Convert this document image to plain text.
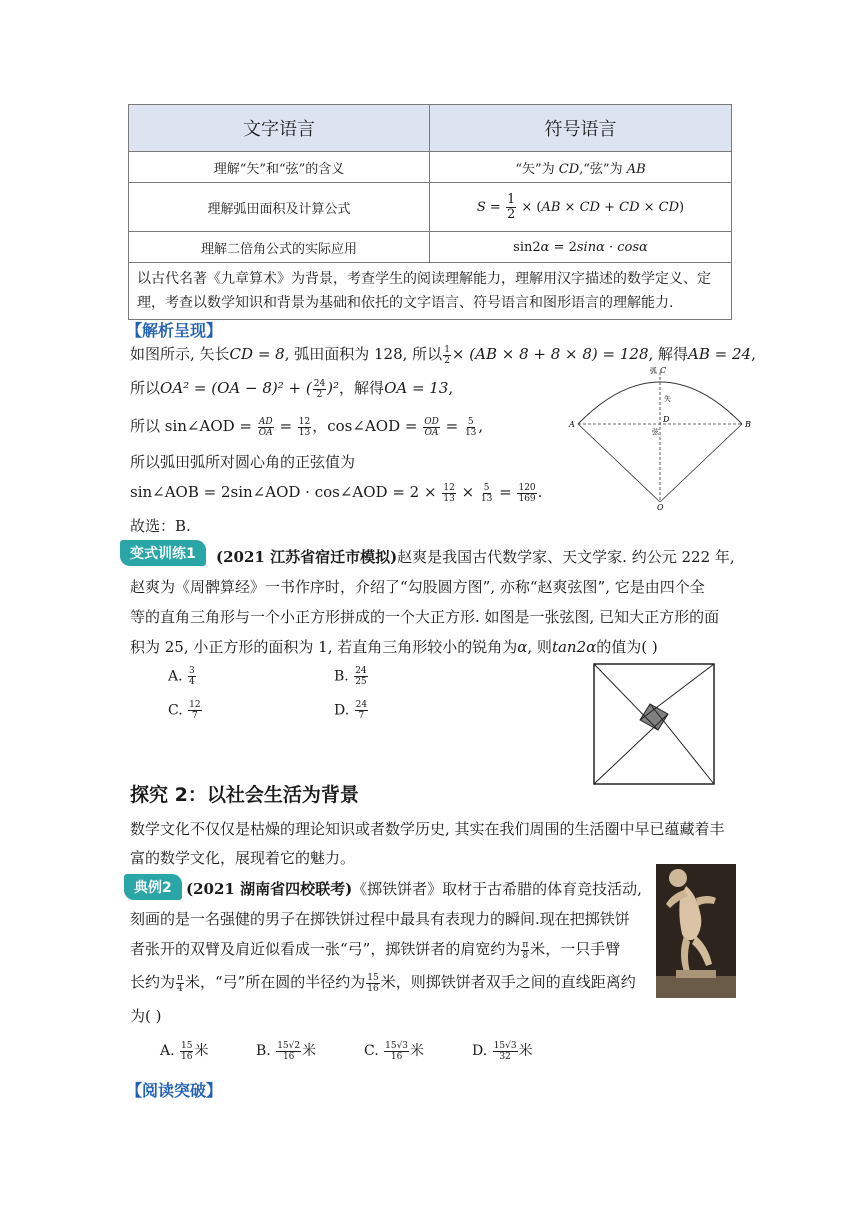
文字语言	符号语言
理解“矢”和“弦”的含义	“矢”为 CD,“弦”为 AB
理解弧田面积及计算公式	$S = \frac{1}{2} \times (AB$ × CD + CD × CD)
理解二倍角公式的实际应用	sin2α = 2sinα · cosα
以古代名著《九章算术》为背景，考查学生的阅读理解能力，理解用汉字描述的数学定义、定理，考查以数学知识和背景为基础和依托的文字语言、符号语言和图形语言的理解能力.	
【解析呈现】
如图所示, 矢长CD = 8, 弧田面积为 128, 所以 $\frac{1}{2} \times (AB \times 8 + 8 \times 8) = 128$, 解得AB = 24,
所以OA² = (OA − 8)² + ( $\frac{24}{2} )^2$，解得OA = 13,
所以 sin∠AOD = $\frac{AD}{OA} = \frac{12}{13}$ ，cos∠AOD = $\frac{OD}{OA} = \frac{5}{13}$ ,
所以弧田弧所对圆心角的正弦值为
sin∠AOB = 2sin∠AOD · cos∠AOD = $2 \times \frac{12}{13} \times \frac{5}{13} = \frac{120}{169}$ .
故选：B.
弧 C
矢
D
弦
A	B
O
变式训练1	(2021 江苏省宿迁市模拟)赵爽是我国古代数学家、天文学家. 约公元 222 年,
赵爽为《周髀算经》一书作序时，介绍了“勾股圆方图”, 亦称“赵爽弦图”, 它是由四个全
等的直角三角形与一个小正方形拼成的一个大正方形. 如图是一张弦图, 已知大正方形的面
积为 25, 小正方形的面积为 1, 若直角三角形较小的锐角为α, 则tan2α的值为( )
A. $\frac{3}{4}$	B. $\frac{24}{25}$
C. $\frac{12}{7}$	D. $\frac{24}{7}$
探究 2：以社会生活为背景
数学文化不仅仅是枯燥的理论知识或者数学历史, 其实在我们周围的生活圈中早已蕴藏着丰
富的数学文化，展现着它的魅力。
典例2 (2021 湖南省四校联考)《掷铁饼者》取材于古希腊的体育竞技活动,
刻画的是一名强健的男子在掷铁饼过程中最具有表现力的瞬间.现在把掷铁饼
者张开的双臂及肩近似看成一张“弓”，掷铁饼者的肩宽约为 $\frac{\pi}{8}$ 米，一只手臂
长约为 $\frac{\pi}{4}$ 米，“弓”所在圆的半径约为 $\frac{15}{16}$ 米，则掷铁饼者双手之间的直线距离约
为( )
A. $\frac{15}{16}$ 米	B. $\frac{15√2}{16}$ 米	C. $\frac{15√3}{16}$ 米	D. $\frac{15√3}{32}$ 米
【阅读突破】
